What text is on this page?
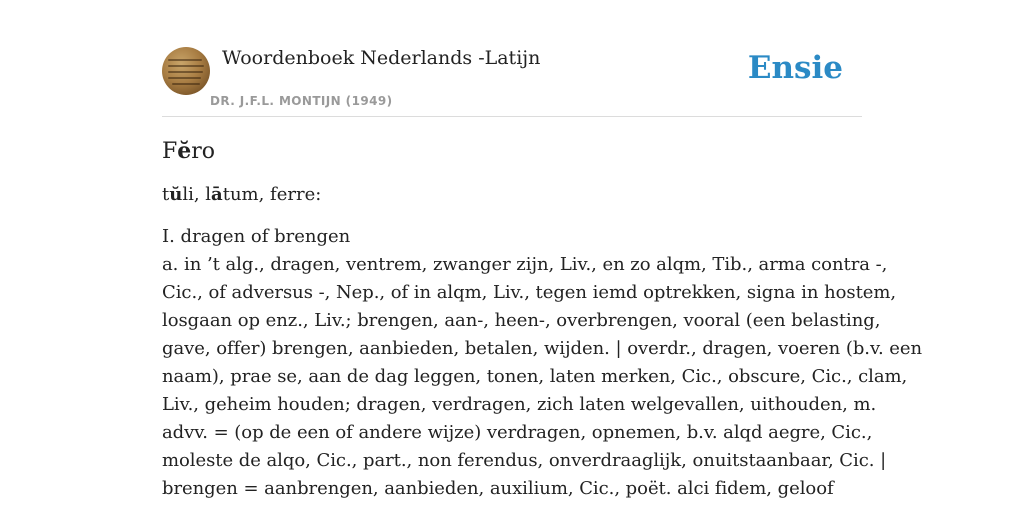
Woordenboek Nederlands -Latijn
DR. J.F.L. MONTIJN (1949)
Ensie
Fĕro
tŭli, lātum, ferre:
I. dragen of brengen
a. in ’t alg., dragen, ventrem, zwanger zijn, Liv., en zo alqm, Tib., arma contra -,
Cic., of adversus -, Nep., of in alqm, Liv., tegen iemd optrekken, signa in hostem,
losgaan op enz., Liv.; brengen, aan-, heen-, overbrengen, vooral (een belasting,
gave, offer) brengen, aanbieden, betalen, wijden. | overdr., dragen, voeren (b.v. een
naam), prae se, aan de dag leggen, tonen, laten merken, Cic., obscure, Cic., clam,
Liv., geheim houden; dragen, verdragen, zich laten welgevallen, uithouden, m.
advv. = (op de een of andere wijze) verdragen, opnemen, b.v. alqd aegre, Cic.,
moleste de alqo, Cic., part., non ferendus, onverdraaglijk, onuitstaanbaar, Cic. |
brengen = aanbrengen, aanbieden, auxilium, Cic., poët. alci fidem, geloof
